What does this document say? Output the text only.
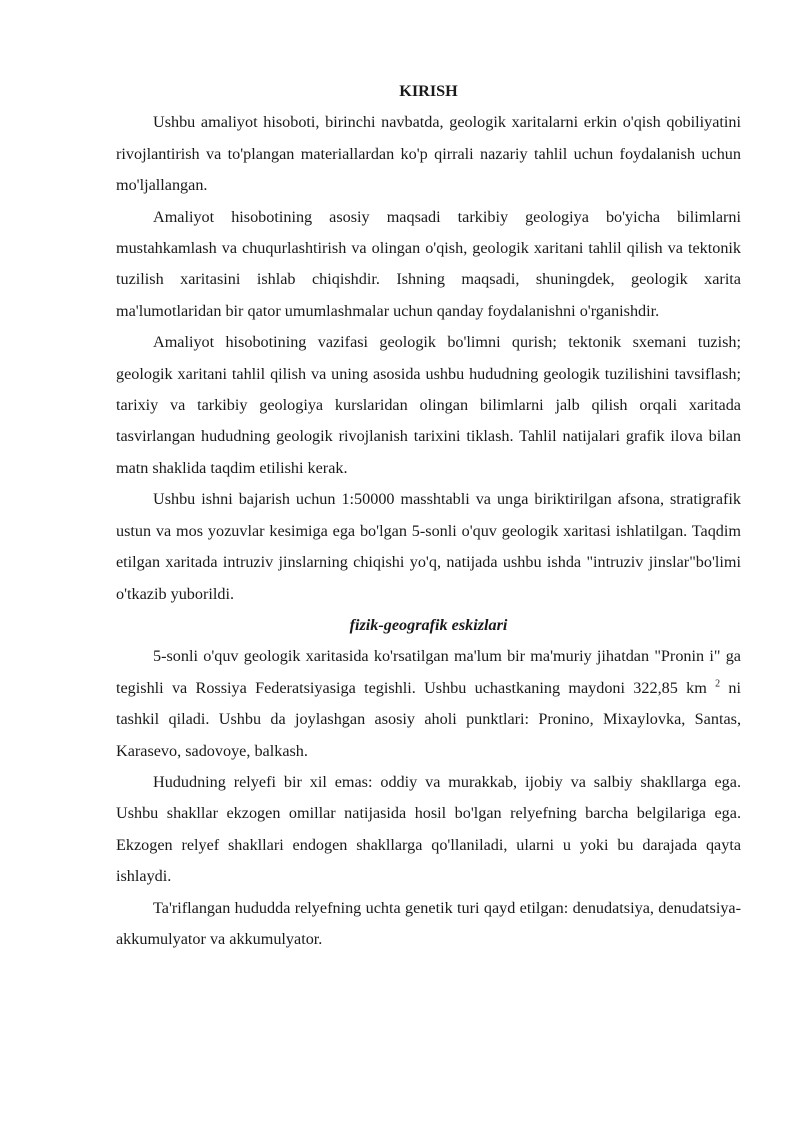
KIRISH

Ushbu amaliyot hisoboti, birinchi navbatda, geologik xaritalarni erkin o'qish qobiliyatini rivojlantirish va to'plangan materiallardan ko'p qirrali nazariy tahlil uchun foydalanish uchun mo'ljallangan.

Amaliyot hisobotining asosiy maqsadi tarkibiy geologiya bo'yicha bilimlarni mustahkamlash va chuqurlashtirish va olingan o'qish, geologik xaritani tahlil qilish va tektonik tuzilish xaritasini ishlab chiqishdir. Ishning maqsadi, shuningdek, geologik xarita ma'lumotlaridan bir qator umumlashmalar uchun qanday foydalanishni o'rganishdir.

Amaliyot hisobotining vazifasi geologik bo'limni qurish; tektonik sxemani tuzish; geologik xaritani tahlil qilish va uning asosida ushbu hududning geologik tuzilishini tavsiflash; tarixiy va tarkibiy geologiya kurslaridan olingan bilimlarni jalb qilish orqali xaritada tasvirlangan hududning geologik rivojlanish tarixini tiklash. Tahlil natijalari grafik ilova bilan matn shaklida taqdim etilishi kerak.

Ushbu ishni bajarish uchun 1:50000 masshtabli va unga biriktirilgan afsona, stratigrafik ustun va mos yozuvlar kesimiga ega bo'lgan 5-sonli o'quv geologik xaritasi ishlatilgan. Taqdim etilgan xaritada intruziv jinslarning chiqishi yo'q, natijada ushbu ishda "intruziv jinslar"bo'limi o'tkazib yuborildi.

fizik-geografik eskizlari

5-sonli o'quv geologik xaritasida ko'rsatilgan ma'lum bir ma'muriy jihatdan "Pronin i" ga tegishli va Rossiya Federatsiyasiga tegishli. Ushbu uchastkaning maydoni 322,85 km $^2$ ni tashkil qiladi. Ushbu da joylashgan asosiy aholi punktlari: Pronino, Mixaylovka, Santas, Karasevo, sadovoye, balkash.

Hududning relyefi bir xil emas: oddiy va murakkab, ijobiy va salbiy shakllarga ega. Ushbu shakllar ekzogen omillar natijasida hosil bo'lgan relyefning barcha belgilariga ega. Ekzogen relyef shakllari endogen shakllarga qo'llaniladi, ularni u yoki bu darajada qayta ishlaydi.

Ta'riflangan hududda relyefning uchta genetik turi qayd etilgan: denudatsiya, denudatsiya-akkumulyator va akkumulyator.
